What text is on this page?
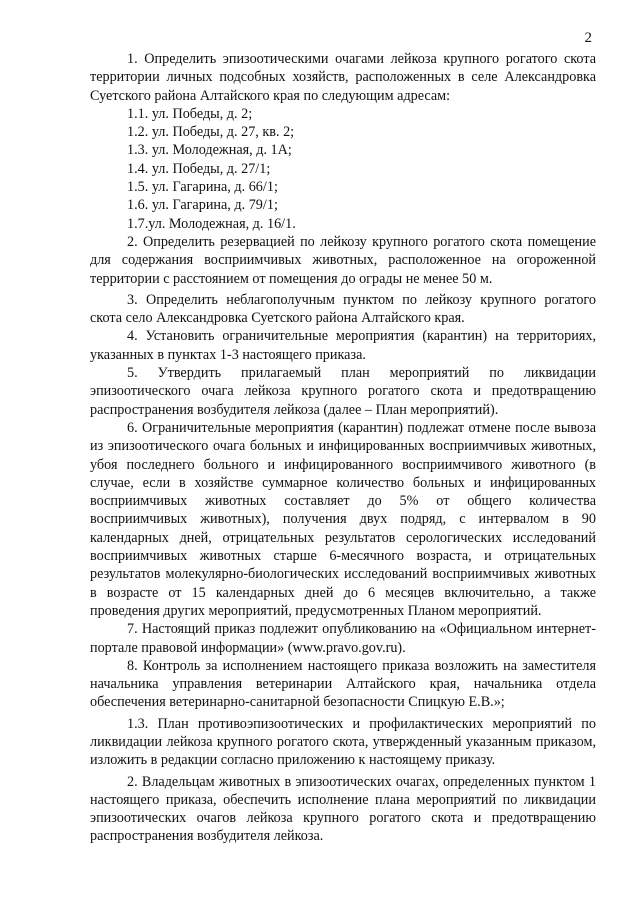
2

1. Определить эпизоотическими очагами лейкоза крупного рогатого скота территории личных подсобных хозяйств, расположенных в селе Александровка Суетского района Алтайского края по следующим адресам:

1.1. ул. Победы, д. 2;

1.2. ул. Победы, д. 27, кв. 2;

1.3. ул. Молодежная, д. 1А;

1.4. ул. Победы, д. 27/1;

1.5. ул. Гагарина, д. 66/1;

1.6. ул. Гагарина, д. 79/1;

1.7.ул. Молодежная, д. 16/1.

2. Определить резервацией по лейкозу крупного рогатого скота помещение для содержания восприимчивых животных, расположенное на огороженной территории с расстоянием от помещения до ограды не менее 50 м.

3. Определить неблагополучным пунктом по лейкозу крупного рогатого скота село Александровка Суетского района Алтайского края.

4. Установить ограничительные мероприятия (карантин) на территориях, указанных в пунктах 1-3 настоящего приказа.

5. Утвердить прилагаемый план мероприятий по ликвидации эпизоотического очага лейкоза крупного рогатого скота и предотвращению распространения возбудителя лейкоза (далее – План мероприятий).

6. Ограничительные мероприятия (карантин) подлежат отмене после вывоза из эпизоотического очага больных и инфицированных восприимчивых животных, убоя последнего больного и инфицированного восприимчивого животного (в случае, если в хозяйстве суммарное количество больных и инфицированных восприимчивых животных составляет до 5% от общего количества восприимчивых животных), получения двух подряд, с интервалом в 90 календарных дней, отрицательных результатов серологических исследований восприимчивых животных старше 6-месячного возраста, и отрицательных результатов молекулярно-биологических исследований восприимчивых животных в возрасте от 15 календарных дней до 6 месяцев включительно, а также проведения других мероприятий, предусмотренных Планом мероприятий.

7. Настоящий приказ подлежит опубликованию на «Официальном интернет-портале правовой информации» (www.pravo.gov.ru).

8. Контроль за исполнением настоящего приказа возложить на заместителя начальника управления ветеринарии Алтайского края, начальника отдела обеспечения ветеринарно-санитарной безопасности Спицкую Е.В.»;

1.3. План противоэпизоотических и профилактических мероприятий по ликвидации лейкоза крупного рогатого скота, утвержденный указанным приказом, изложить в редакции согласно приложению к настоящему приказу.

2. Владельцам животных в эпизоотических очагах, определенных пунктом 1 настоящего приказа, обеспечить исполнение плана мероприятий по ликвидации эпизоотических очагов лейкоза крупного рогатого скота и предотвращению распространения возбудителя лейкоза.
